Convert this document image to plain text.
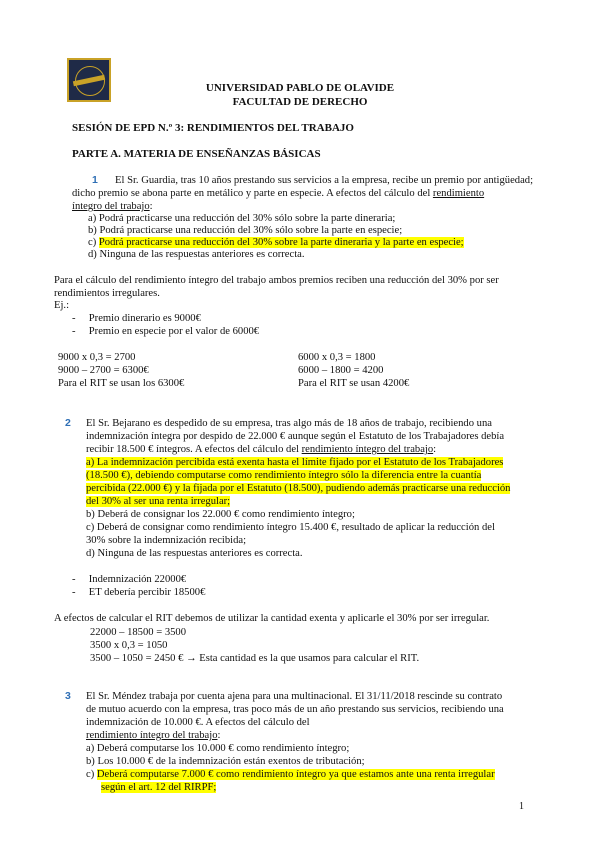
UNIVERSIDAD PABLO DE OLAVIDE
FACULTAD DE DERECHO
SESIÓN DE EPD N.º 3: RENDIMIENTOS DEL TRABAJO
PARTE A. MATERIA DE ENSEÑANZAS BÁSICAS
1 El Sr. Guardia, tras 10 años prestando sus servicios a la empresa, recibe un premio por antigüedad;
dicho premio se abona parte en metálico y parte en especie. A efectos del cálculo del rendimiento
íntegro del trabajo:
a) Podrá practicarse una reducción del 30% sólo sobre la parte dineraria;
b) Podrá practicarse una reducción del 30% sólo sobre la parte en especie;
c) Podrá practicarse una reducción del 30% sobre la parte dineraria y la parte en especie;
d) Ninguna de las respuestas anteriores es correcta.
Para el cálculo del rendimiento íntegro del trabajo ambos premios reciben una reducción del 30% por ser
rendimientos irregulares.
Ej.:
-     Premio dinerario es 9000€
-     Premio en especie por el valor de 6000€
9000 x 0,3 = 2700
9000 – 2700 = 6300€
Para el RIT se usan los 6300€
6000 x 0,3 = 1800
6000 – 1800 = 4200
Para el RIT se usan 4200€
2 El Sr. Bejarano es despedido de su empresa, tras algo más de 18 años de trabajo, recibiendo una
indemnización íntegra por despido de 22.000 € aunque según el Estatuto de los Trabajadores debía
recibir 18.500 € íntegros. A efectos del cálculo del rendimiento íntegro del trabajo:
a) La indemnización percibida está exenta hasta el límite fijado por el Estatuto de los Trabajadores
(18.500 €), debiendo computarse como rendimiento íntegro sólo la diferencia entre la cuantía
percibida (22.000 €) y la fijada por el Estatuto (18.500), pudiendo además practicarse una reducción
del 30% al ser una renta irregular;
b) Deberá de consignar los 22.000 € como rendimiento íntegro;
c) Deberá de consignar como rendimiento íntegro 15.400 €, resultado de aplicar la reducción del
30% sobre la indemnización recibida;
d) Ninguna de las respuestas anteriores es correcta.
-     Indemnización 22000€
-     ET debería percibir 18500€
A efectos de calcular el RIT debemos de utilizar la cantidad exenta y aplicarle el 30% por ser irregular.
22000 – 18500 = 3500
3500 x 0,3 = 1050
3500 – 1050 = 2450 € → Esta cantidad es la que usamos para calcular el RIT.
3 El Sr. Méndez trabaja por cuenta ajena para una multinacional. El 31/11/2018 rescinde su contrato
de mutuo acuerdo con la empresa, tras poco más de un año prestando sus servicios, recibiendo una
indemnización de 10.000 €. A efectos del cálculo del
rendimiento íntegro del trabajo:
a) Deberá computarse los 10.000 € como rendimiento íntegro;
b) Los 10.000 € de la indemnización están exentos de tributación;
c) Deberá computarse 7.000 € como rendimiento íntegro ya que estamos ante una renta irregular
según el art. 12 del RIRPF;
1
